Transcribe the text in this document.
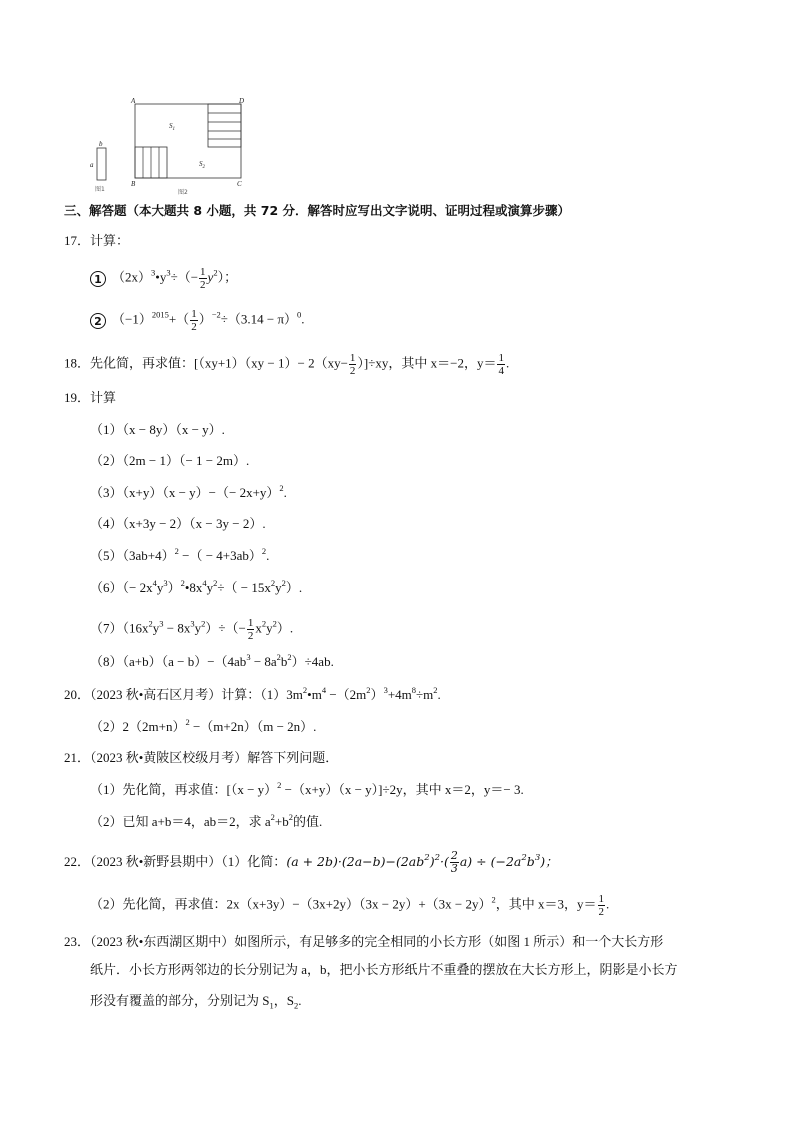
a
b
图1
A	D
B	C
$S_1$
$S_2$
图2
三、解答题（本大题共 8 小题，共 72 分．解答时应写出文字说明、证明过程或演算步骤）
17．计算：
1 $(2x)^3•y^3\div(- \frac{1}{2} y^2)$；
2 $(-1)^{2015}+( \frac{1}{2} )^{-2}\div(3.14 - \pi)^0$.
18．先化简，再求值：$[(xy+1)(xy - 1)- 2(xy- \frac{1}{2} )]\div xy$，其中 x＝−2，$y= \frac{1}{4}$ .
19．计算
（1）（x − 8y）（x − y）.
（2）（2m − 1）（− 1 − 2m）.
$(3)(x+y)(x - y)-(- 2x+y)^2$.
（4）（x+3y − 2）（x − 3y − 2）.
$(5)(3ab+4)^2$ −（ − 4+3ab）$^2$.
$(6)(- 2x^4y^3)^2•8x^4y^2\div( - 15x^2y^2)$.
$(7)(16x^2y^3 - 8x^3y^2)\div(- \frac{1}{2} x^2y^2)$.
$(8)(a+b)(a - b)-(4ab^3 - 8a^2b^2)\div 4ab$.
20．（2023 秋•高石区月考）计算：$(1)3m^2•m^4 -(2m^2)^3+4m^8\div m^2$.
$(2)2(2m+n)^2 -(m+2n)(m - 2n)$.
21．（2023 秋•黄陂区校级月考）解答下列问题．
（1）先化简，再求值：$[(x - y)^2 -(x+y)(x - y)]\div 2y$，其中 x＝2，y＝− 3.
（2）已知 a+b＝4，ab＝2，求 $a^2+b^2$的值.
22．（2023 秋•新野县期中）（1）化简：$(a + 2b)\cdot(2a-b)-(2ab^2)^2\cdot( \frac{2}{3} a) \div (-2a^2b^3)$；
（2）先化简，再求值：$2x(x+3y)-(3x+2y)(3x - 2y)+(3x - 2y)^2$，其中 x＝3，$y= \frac{1}{2}$ .
23．（2023 秋•东西湖区期中）如图所示，有足够多的完全相同的小长方形（如图 1 所示）和一个大长方形
纸片．小长方形两邻边的长分别记为 a，b，把小长方形纸片不重叠的摆放在大长方形上，阴影是小长方
形没有覆盖的部分，分别记为 $S_1$，$S_2$.
